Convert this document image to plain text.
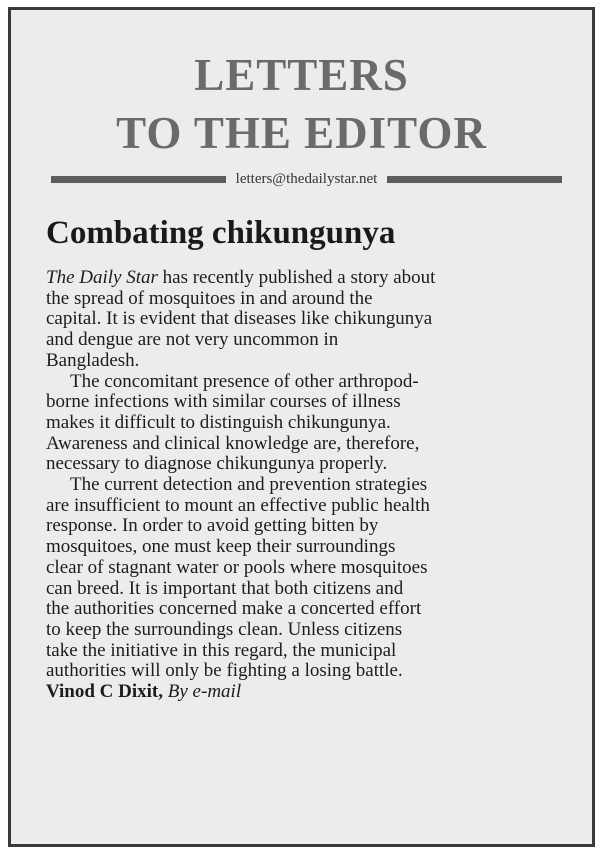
LETTERS
TO THE EDITOR
letters@thedailystar.net
Combating chikungunya

The Daily Star has recently published a story about
the spread of mosquitoes in and around the
capital. It is evident that diseases like chikungunya
and dengue are not very uncommon in
Bangladesh.

The concomitant presence of other arthropod-
borne infections with similar courses of illness
makes it difficult to distinguish chikungunya.
Awareness and clinical knowledge are, therefore,
necessary to diagnose chikungunya properly.

The current detection and prevention strategies
are insufficient to mount an effective public health
response. In order to avoid getting bitten by
mosquitoes, one must keep their surroundings
clear of stagnant water or pools where mosquitoes
can breed. It is important that both citizens and
the authorities concerned make a concerted effort
to keep the surroundings clean. Unless citizens
take the initiative in this regard, the municipal
authorities will only be fighting a losing battle.

Vinod C Dixit, By e-mail
